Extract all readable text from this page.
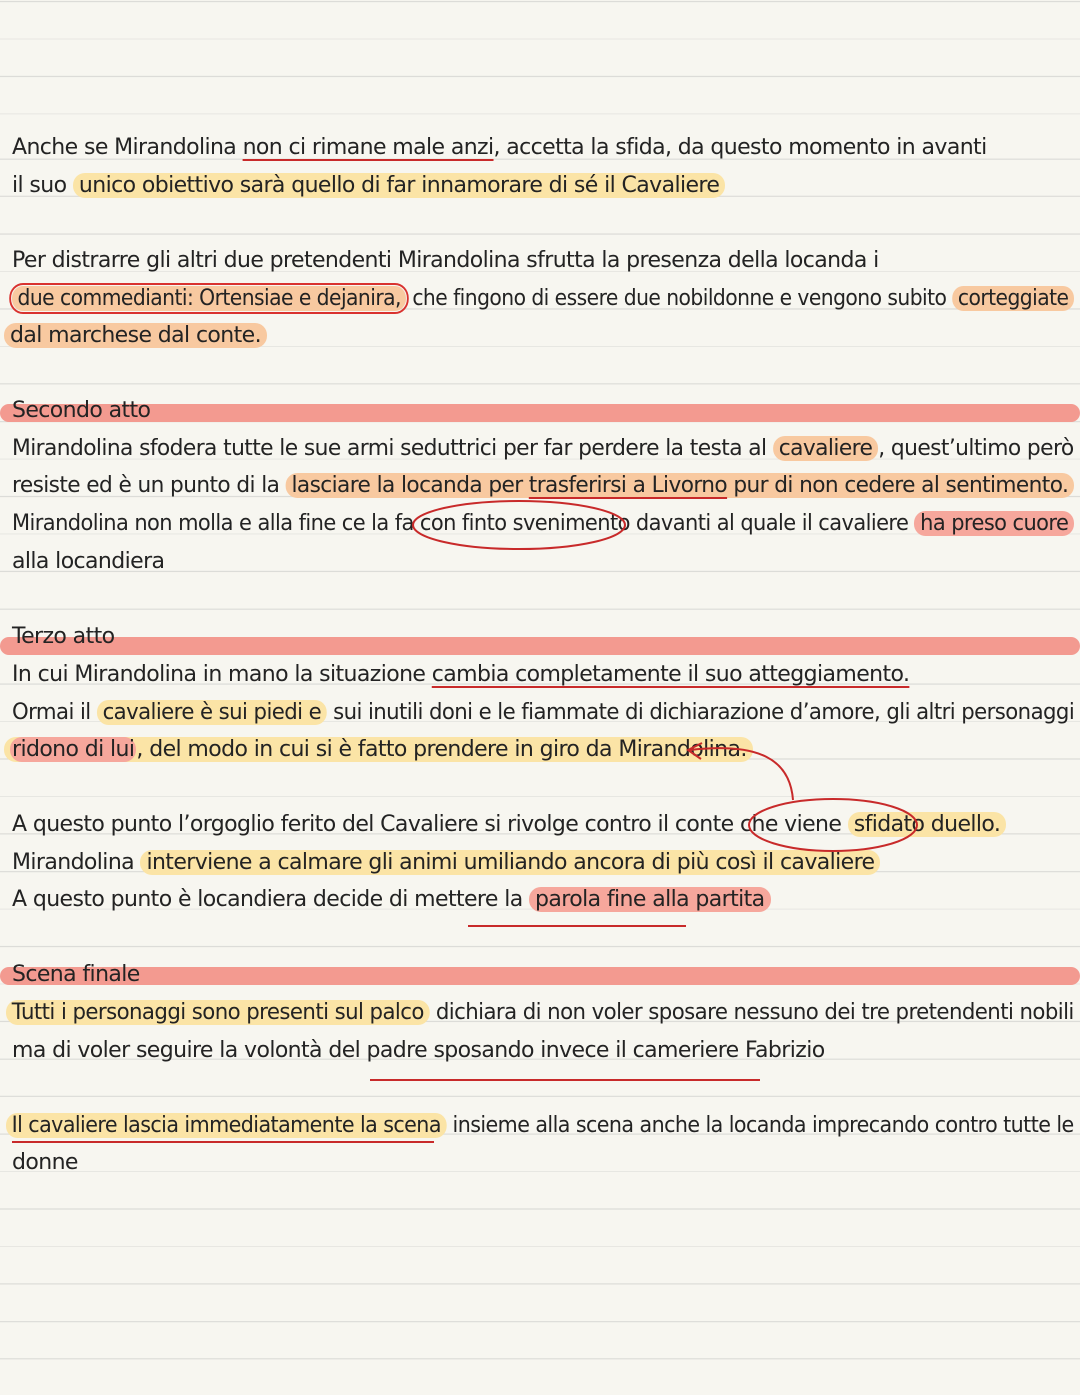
Anche se Mirandolina non ci rimane male anzi, accetta la sfida, da questo momento in avanti
il suo unico obiettivo sarà quello di far innamorare di sé il Cavaliere
Per distrarre gli altri due pretendenti Mirandolina sfrutta la presenza della locanda i
due commedianti: Ortensiae e dejanira, che fingono di essere due nobildonne e vengono subito corteggiate
dal marchese dal conte.
Secondo atto
Mirandolina sfodera tutte le sue armi seduttrici per far perdere la testa al cavaliere , quest’ultimo però
resiste ed è un punto di la lasciare la locanda per trasferirsi a Livorno pur di non cedere al sentimento.
Mirandolina non molla e alla fine ce la fa con finto svenimento davanti al quale il cavaliere ha preso cuore
alla locandiera
Terzo atto
In cui Mirandolina in mano la situazione cambia completamente il suo atteggiamento.
Ormai il cavaliere è sui piedi e sui inutili doni e le fiammate di dichiarazione d’amore, gli altri personaggi
ridono di lui, del modo in cui si è fatto prendere in giro da Mirandolina.
A questo punto l’orgoglio ferito del Cavaliere si rivolge contro il conte che viene sfidato duello.
Mirandolina interviene a calmare gli animi umiliando ancora di più così il cavaliere
A questo punto è locandiera decide di mettere la parola fine alla partita
Scena finale
Tutti i personaggi sono presenti sul palco dichiara di non voler sposare nessuno dei tre pretendenti nobili
ma di voler seguire la volontà del padre sposando invece il cameriere Fabrizio
Il cavaliere lascia immediatamente la scena insieme alla scena anche la locanda imprecando contro tutte le
donne
